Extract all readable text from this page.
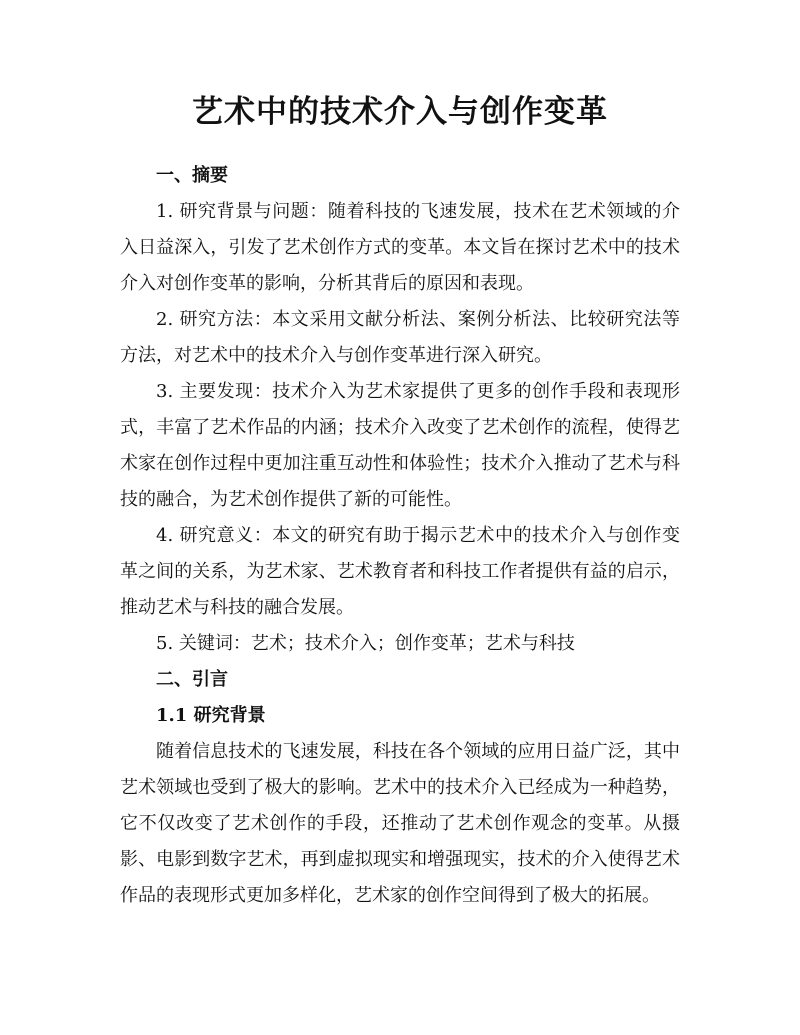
艺术中的技术介入与创作变革
一、摘要

1. 研究背景与问题：随着科技的飞速发展，技术在艺术领域的介入日益深入，引发了艺术创作方式的变革。本文旨在探讨艺术中的技术介入对创作变革的影响，分析其背后的原因和表现。

2. 研究方法：本文采用文献分析法、案例分析法、比较研究法等方法，对艺术中的技术介入与创作变革进行深入研究。

3. 主要发现：技术介入为艺术家提供了更多的创作手段和表现形式，丰富了艺术作品的内涵；技术介入改变了艺术创作的流程，使得艺术家在创作过程中更加注重互动性和体验性；技术介入推动了艺术与科技的融合，为艺术创作提供了新的可能性。

4. 研究意义：本文的研究有助于揭示艺术中的技术介入与创作变革之间的关系，为艺术家、艺术教育者和科技工作者提供有益的启示，推动艺术与科技的融合发展。

5. 关键词：艺术；技术介入；创作变革；艺术与科技

二、引言
1.1 研究背景

随着信息技术的飞速发展，科技在各个领域的应用日益广泛，其中艺术领域也受到了极大的影响。艺术中的技术介入已经成为一种趋势，它不仅改变了艺术创作的手段，还推动了艺术创作观念的变革。从摄影、电影到数字艺术，再到虚拟现实和增强现实，技术的介入使得艺术作品的表现形式更加多样化，艺术家的创作空间得到了极大的拓展。
